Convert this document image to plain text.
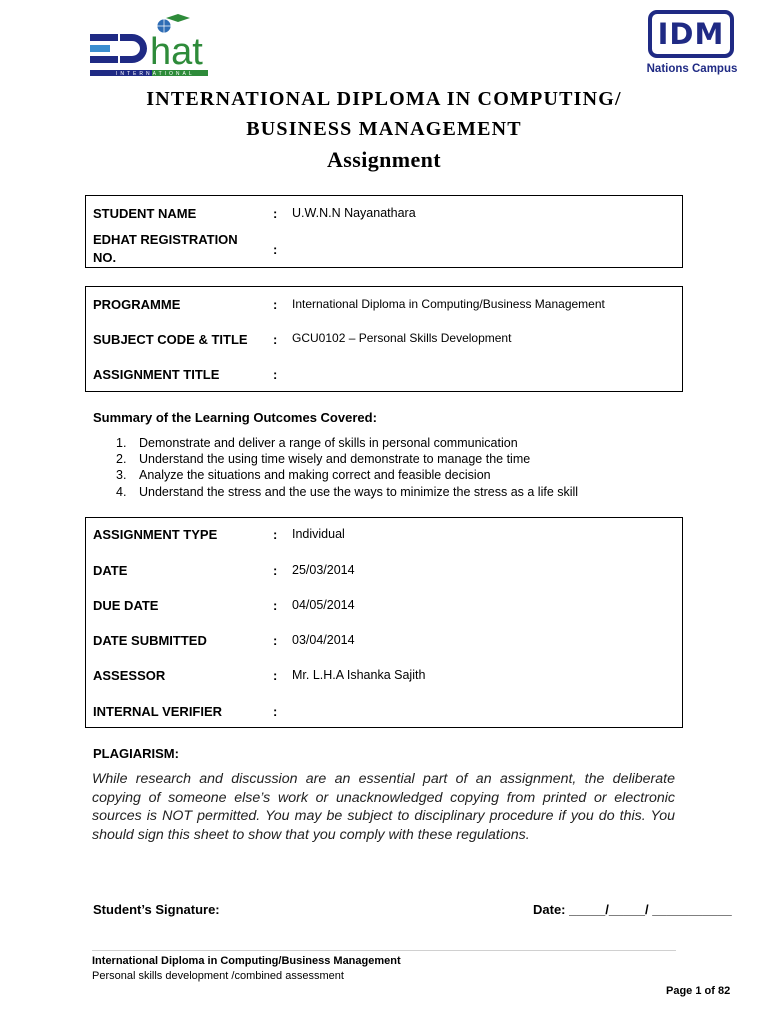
INTERNATIONAL
hat	IDM
Nations Campus
INTERNATIONAL DIPLOMA IN COMPUTING/
BUSINESS MANAGEMENT
Assignment
STUDENT NAME	: U.W.N.N Nayanathara
EDHAT REGISTRATION
NO.
:
PROGRAMME	: International Diploma in Computing/Business Management
SUBJECT CODE & TITLE : GCU0102 – Personal Skills Development
ASSIGNMENT TITLE	:
Summary of the Learning Outcomes Covered:
1. Demonstrate and deliver a range of skills in personal communication
2. Understand the using time wisely and demonstrate to manage the time
3. Analyze the situations and making correct and feasible decision
4. Understand the stress and the use the ways to minimize the stress as a life skill
ASSIGNMENT TYPE	: Individual
DATE	: 25/03/2014
DUE DATE	: 04/05/2014
DATE SUBMITTED	: 03/04/2014
ASSESSOR	: Mr. L.H.A Ishanka Sajith
INTERNAL VERIFIER	:
PLAGIARISM:
While research and discussion are an essential part of an assignment, the deliberate copying of someone else’s work or unacknowledged copying from printed or electronic sources is NOT permitted. You may be subject to disciplinary procedure if you do this. You should sign this sheet to show that you comply with these regulations.
Student’s Signature:	Date: _____/_____/ ___________
International Diploma in Computing/Business Management
Personal skills development /combined assessment
Page 1 of 82
